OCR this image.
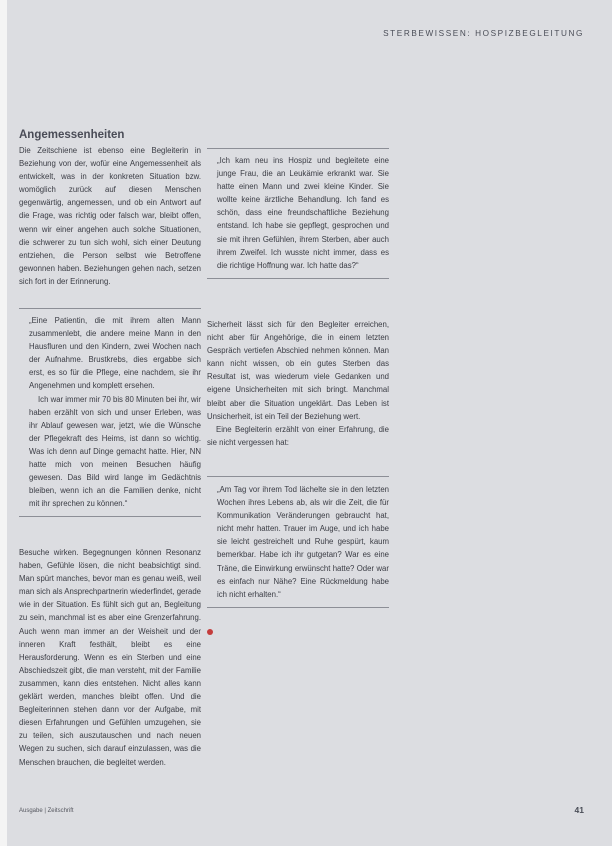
STERBEWISSEN: HOSPIZBEGLEITUNG
Angemessenheiten

Die Zeitschiene ist ebenso eine Begleiterin in Beziehung von der, wofür eine Angemessenheit als entwickelt, was in der konkreten Situation bzw. womöglich zurück auf diesen Menschen gegenwärtig, angemessen, und ob ein Antwort auf die Frage, was richtig oder falsch war, bleibt offen, wenn wir einer angehen auch solche Situationen, die schwerer zu tun sich wohl, sich einer Deutung entziehen, die Person selbst wie Betroffene gewonnen haben. Beziehungen gehen nach, setzen sich fort in der Erinnerung.

„Eine Patientin, die mit ihrem alten Mann zusammenlebt, die andere meine Mann in den Hausfluren und den Kindern, zwei Wochen nach der Aufnahme. Brustkrebs, dies ergabbe sich erst, es so für die Pflege, eine nachdem, sie ihr Angenehmen und komplett ersehen.

Ich war immer mir 70 bis 80 Minuten bei ihr, wir haben erzählt von sich und unser Erleben, was ihr Ablauf gewesen war, jetzt, wie die Wünsche der Pflegekraft des Heims, ist dann so wichtig. Was ich denn auf Dinge gemacht hatte. Hier, NN hatte mich von meinen Besuchen häufig gewesen. Das Bild wird lange im Gedächtnis bleiben, wenn ich an die Familien denke, nicht mit ihr sprechen zu können.“

Besuche wirken. Begegnungen können Resonanz haben, Gefühle lösen, die nicht beabsichtigt sind. Man spürt manches, bevor man es genau weiß, weil man sich als Ansprechpartnerin wiederfindet, gerade wie in der Situation. Es fühlt sich gut an, Begleitung zu sein, manchmal ist es aber eine Grenzerfahrung. Auch wenn man immer an der Weisheit und der inneren Kraft festhält, bleibt es eine Herausforderung. Wenn es ein Sterben und eine Abschiedszeit gibt, die man versteht, mit der Familie zusammen, kann dies entstehen. Nicht alles kann geklärt werden, manches bleibt offen. Und die Begleiterinnen stehen dann vor der Aufgabe, mit diesen Erfahrungen und Gefühlen umzugehen, sie zu teilen, sich auszutauschen und nach neuen Wegen zu suchen, sich darauf einzulassen, was die Menschen brauchen, die begleitet werden.

„Ich kam neu ins Hospiz und begleitete eine junge Frau, die an Leukämie erkrankt war. Sie hatte einen Mann und zwei kleine Kinder. Sie wollte keine ärztliche Behandlung. Ich fand es schön, dass eine freundschaftliche Beziehung entstand. Ich habe sie gepflegt, gesprochen und sie mit ihren Gefühlen, ihrem Sterben, aber auch ihrem Zweifel. Ich wusste nicht immer, dass es die richtige Hoffnung war. Ich hatte das?“

Sicherheit lässt sich für den Begleiter erreichen, nicht aber für Angehörige, die in einem letzten Gespräch vertiefen Abschied nehmen können. Man kann nicht wissen, ob ein gutes Sterben das Resultat ist, was wiederum viele Gedanken und eigene Unsicherheiten mit sich bringt. Manchmal bleibt aber die Situation ungeklärt. Das Leben ist Unsicherheit, ist ein Teil der Beziehung wert.

Eine Begleiterin erzählt von einer Erfahrung, die sie nicht vergessen hat:

„Am Tag vor ihrem Tod lächelte sie in den letzten Wochen ihres Lebens ab, als wir die Zeit, die für Kommunikation Veränderungen gebraucht hat, nicht mehr hatten. Trauer im Auge, und ich habe sie leicht gestreichelt und Ruhe gespürt, kaum bemerkbar. Habe ich ihr gutgetan? War es eine Träne, die Einwirkung erwünscht hatte? Oder war es einfach nur Nähe? Eine Rückmeldung habe ich nicht erhalten.“

Ausgabe | Zeitschrift	41
